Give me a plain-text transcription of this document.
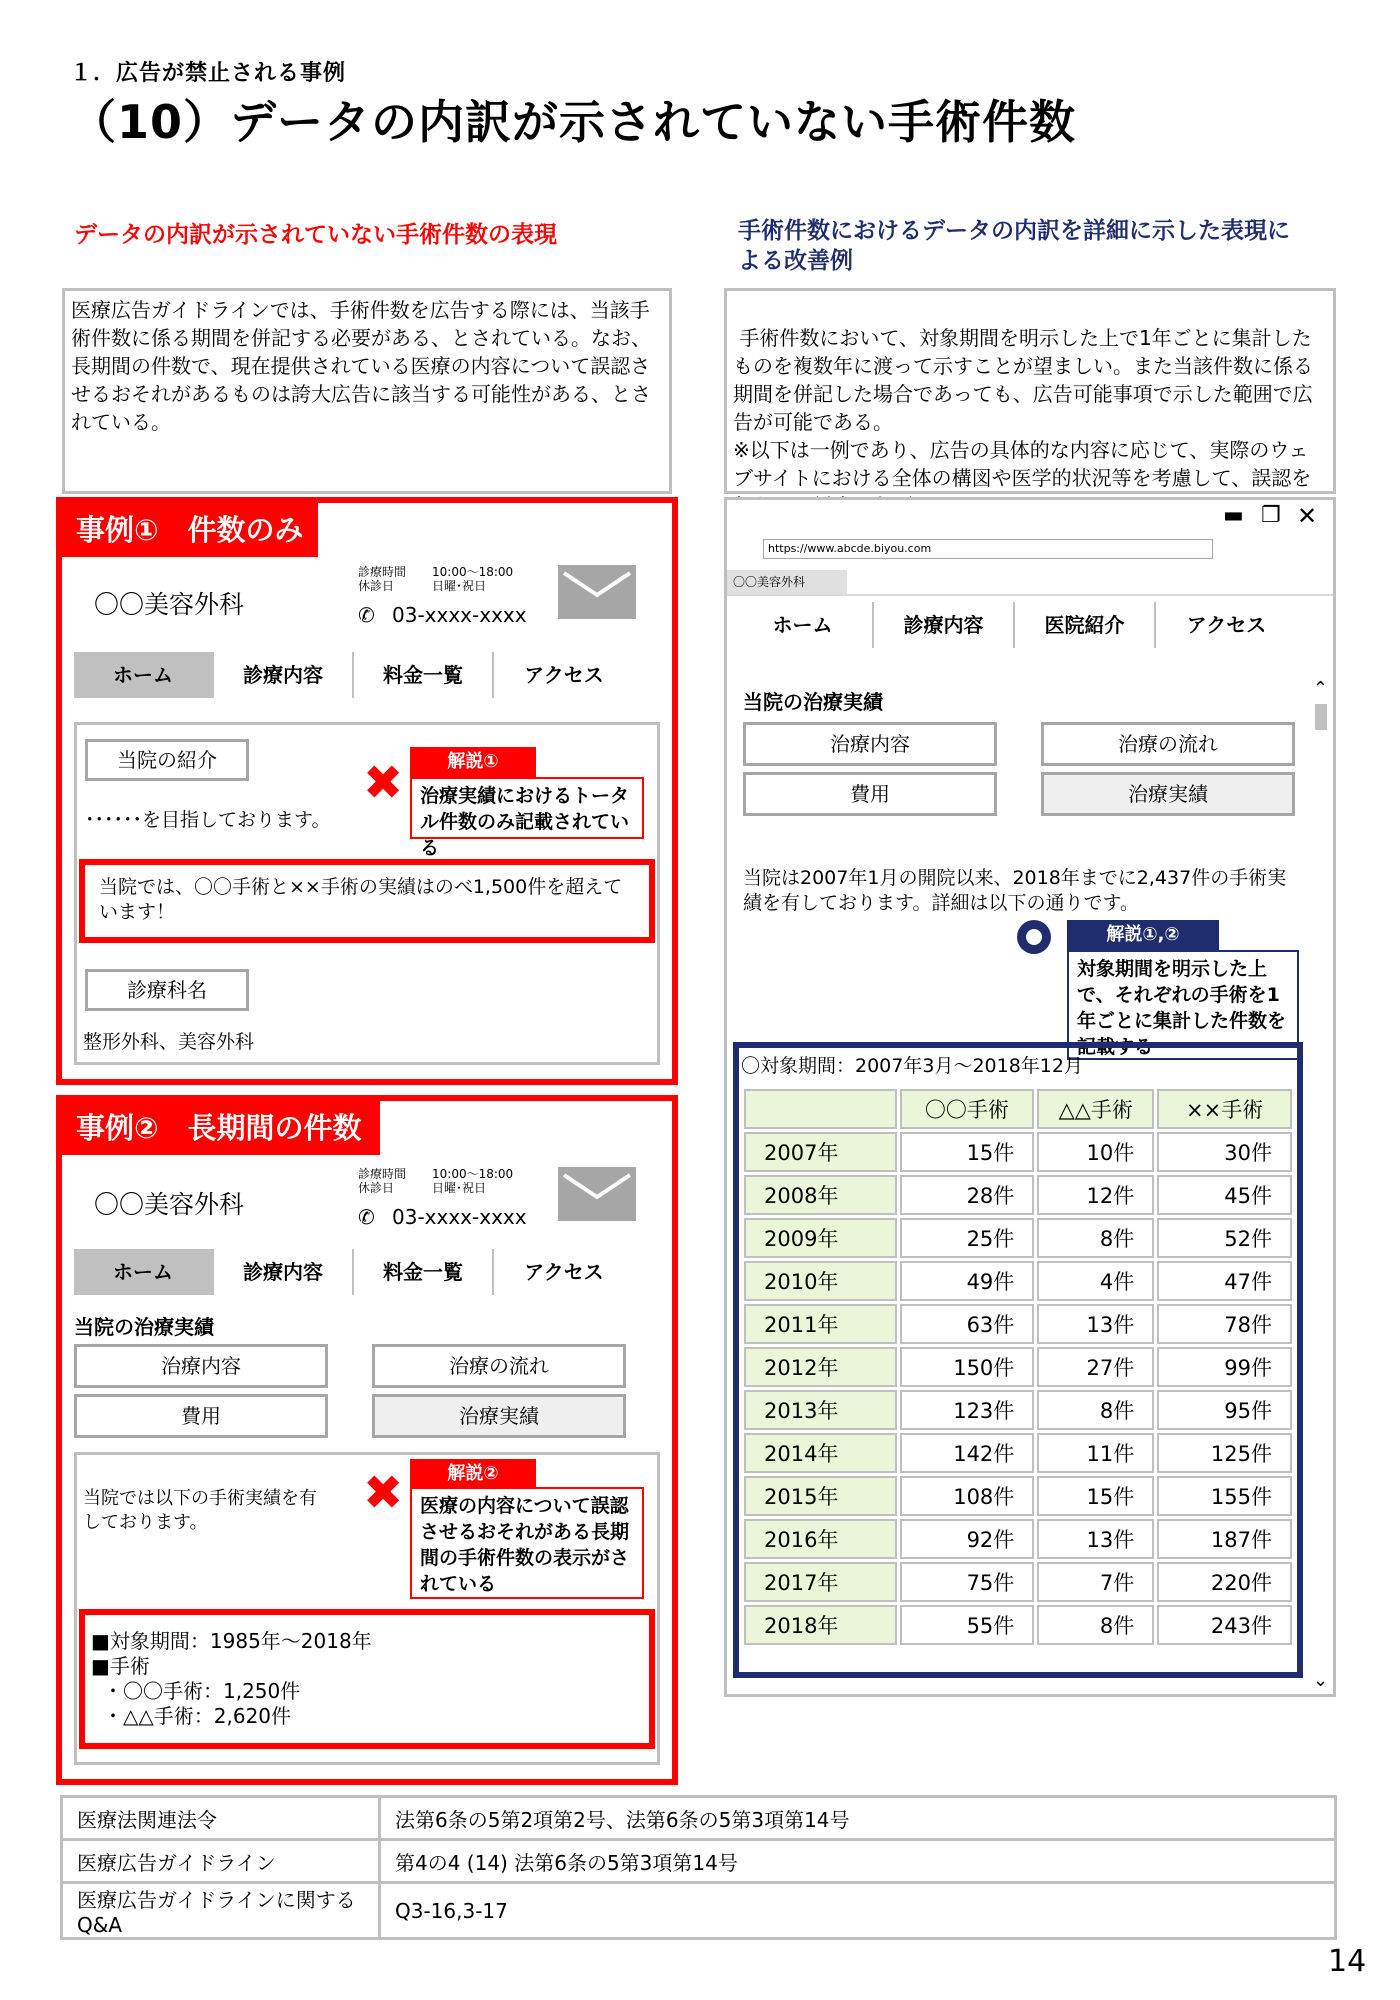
１．広告が禁止される事例
（10）データの内訳が示されていない手術件数
データの内訳が示されていない手術件数の表現	手術件数におけるデータの内訳を詳細に示した表現による改善例
医療広告ガイドラインでは、手術件数を広告する際には、当該手術件数に係る期間を併記する必要がある、とされている。なお、長期間の件数で、現在提供されている医療の内容について誤認させるおそれがあるものは誇大広告に該当する可能性がある、とされている。

手術件数において、対象期間を明示した上で1年ごとに集計したものを複数年に渡って示すことが望ましい。また当該件数に係る期間を併記した場合であっても、広告可能事項で示した範囲で広告が可能である。
※以下は一例であり、広告の具体的な内容に応じて、実際のウェブサイトにおける全体の構図や医学的状況等を考慮して、誤認を

事例①　件数のみ
〇〇美容外科
診療時間
休診日
10:00～18:00
日曜･祝日
✆ 03-xxxx-xxxx
ホーム	診療内容	料金一覧	アクセス
当院の紹介
･･････を目指しております。
✖	解説①
治療実績におけるトータル件数のみ記載されている
当院では、〇〇手術と××手術の実績はのべ1,500件を超えています！
診療科名
整形外科、美容外科
事例②　長期間の件数
〇〇美容外科
診療時間
休診日
10:00～18:00
日曜･祝日
✆ 03-xxxx-xxxx
ホーム	診療内容	料金一覧	アクセス
当院の治療実績
治療内容	治療の流れ
費用	治療実績
当院では以下の手術実績を有しております。
✖	解説②
医療の内容について誤認させるおそれがある長期間の手術件数の表示がされている
■対象期間：1985年～2018年
■手術
・〇〇手術：1,250件
・△△手術：2,620件
▬ ❐ ✕
https://www.abcde.biyou.com
〇〇美容外科
ホーム	診療内容	医院紹介	アクセス
当院の治療実績
⌃
⌄
治療内容	治療の流れ
費用	治療実績
当院は2007年1月の開院以来、2018年までに2,437件の手術実績を有しております。詳細は以下の通りです。
解説①,②
対象期間を明示した上で、それぞれの手術を1年ごとに集計した件数を記載する
〇対象期間：2007年3月～2018年12月
	〇〇手術	△△手術	××手術
2007年	15件	10件	30件
2008年	28件	12件	45件
2009年	25件	8件	52件
2010年	49件	4件	47件
2011年	63件	13件	78件
2012年	150件	27件	99件
2013年	123件	8件	95件
2014年	142件	11件	125件
2015年	108件	15件	155件
2016年	92件	13件	187件
2017年	75件	7件	220件
2018年	55件	8件	243件
医療法関連法令	法第6条の5第2項第2号、法第6条の5第3項第14号
医療広告ガイドライン	第4の4 (14) 法第6条の5第3項第14号
医療広告ガイドラインに関するQ&A	Q3-16,3-17
14
